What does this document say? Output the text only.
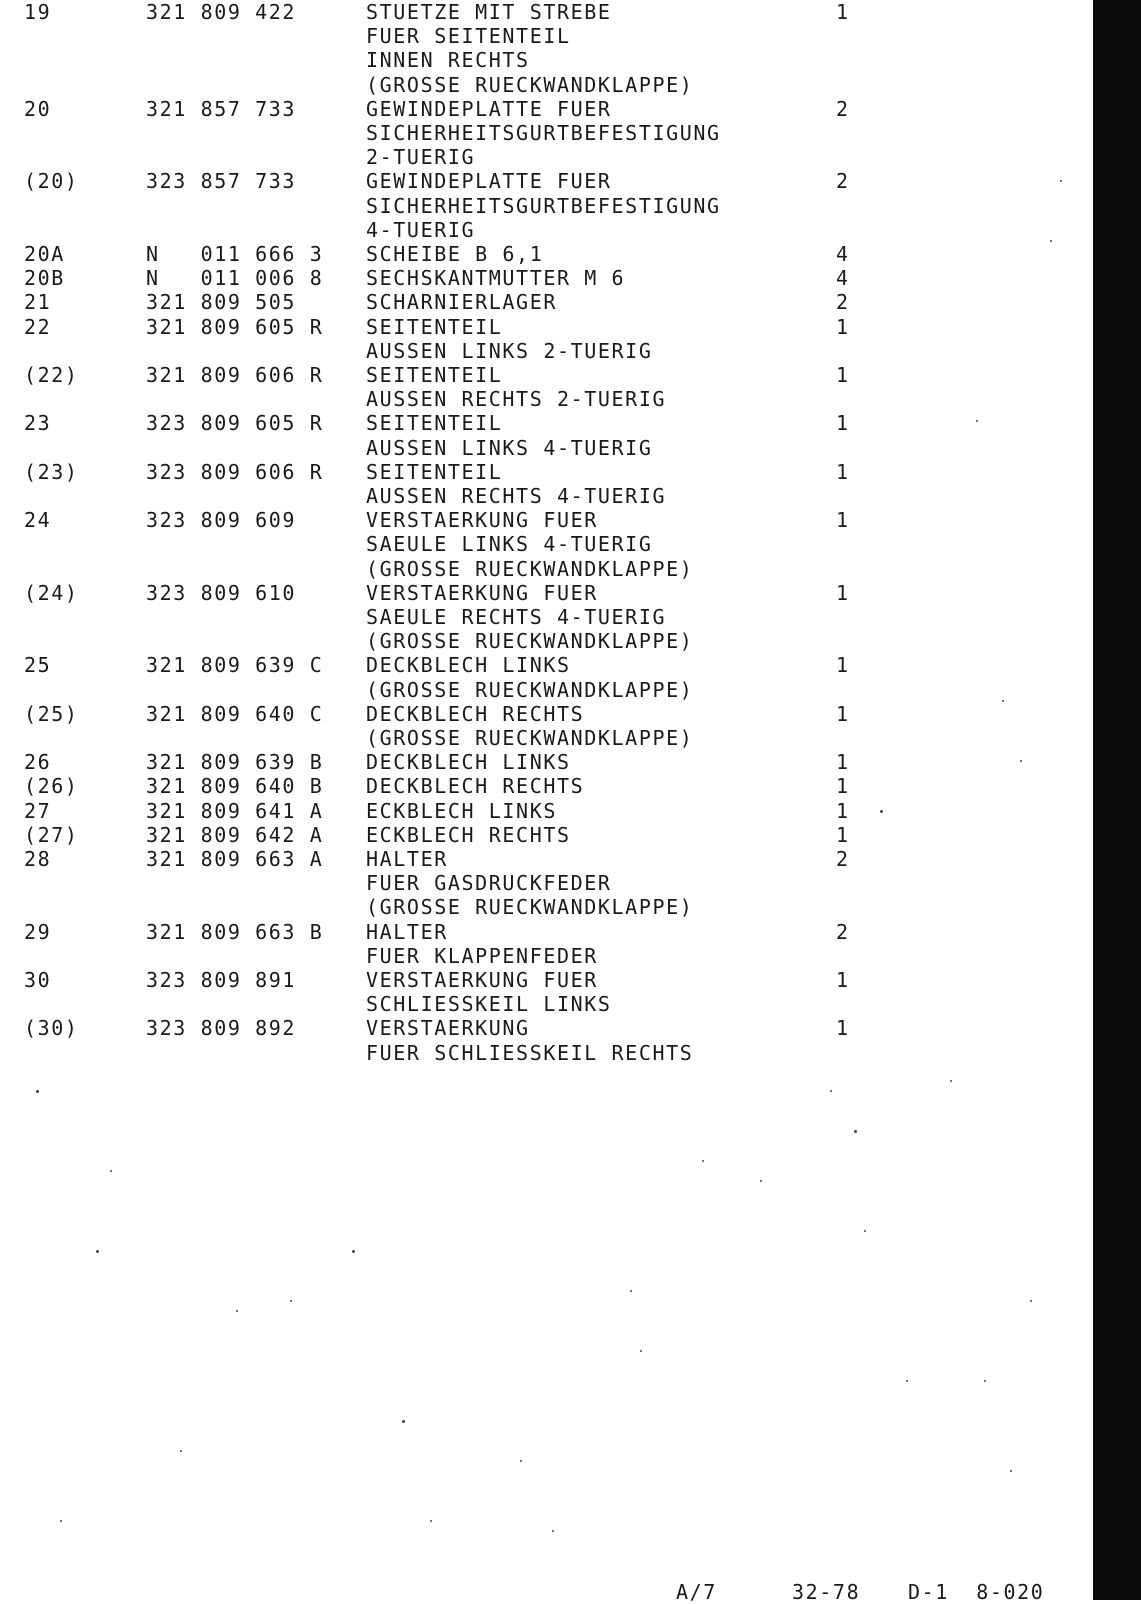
19	321 809 422	STUETZE MIT STREBE	1
FUER SEITENTEIL
INNEN RECHTS
(GROSSE RUECKWANDKLAPPE)
20	321 857 733	GEWINDEPLATTE FUER	2
SICHERHEITSGURTBEFESTIGUNG
2-TUERIG
(20)	323 857 733	GEWINDEPLATTE FUER	2
SICHERHEITSGURTBEFESTIGUNG
4-TUERIG
20A	N   011 666 3 SCHEIBE B 6,1	4
20B	N   011 006 8 SECHSKANTMUTTER M 6	4
21	321 809 505	SCHARNIERLAGER	2
22	321 809 605 R SEITENTEIL	1
AUSSEN LINKS 2-TUERIG
(22)	321 809 606 R SEITENTEIL	1
AUSSEN RECHTS 2-TUERIG
23	323 809 605 R SEITENTEIL	1
AUSSEN LINKS 4-TUERIG
(23)	323 809 606 R SEITENTEIL	1
AUSSEN RECHTS 4-TUERIG
24	323 809 609	VERSTAERKUNG FUER	1
SAEULE LINKS 4-TUERIG
(GROSSE RUECKWANDKLAPPE)
(24)	323 809 610	VERSTAERKUNG FUER	1
SAEULE RECHTS 4-TUERIG
(GROSSE RUECKWANDKLAPPE)
25	321 809 639 C DECKBLECH LINKS	1
(GROSSE RUECKWANDKLAPPE)
(25)	321 809 640 C DECKBLECH RECHTS	1
(GROSSE RUECKWANDKLAPPE)
26	321 809 639 B DECKBLECH LINKS	1
(26)	321 809 640 B DECKBLECH RECHTS	1
27	321 809 641 A ECKBLECH LINKS	1
(27)	321 809 642 A ECKBLECH RECHTS	1
28	321 809 663 A HALTER	2
FUER GASDRUCKFEDER
(GROSSE RUECKWANDKLAPPE)
29	321 809 663 B HALTER	2
FUER KLAPPENFEDER
30	323 809 891	VERSTAERKUNG FUER	1
SCHLIESSKEIL LINKS
(30)	323 809 892	VERSTAERKUNG	1
FUER SCHLIESSKEIL RECHTS
A/7	32-78 D-1  8-020
